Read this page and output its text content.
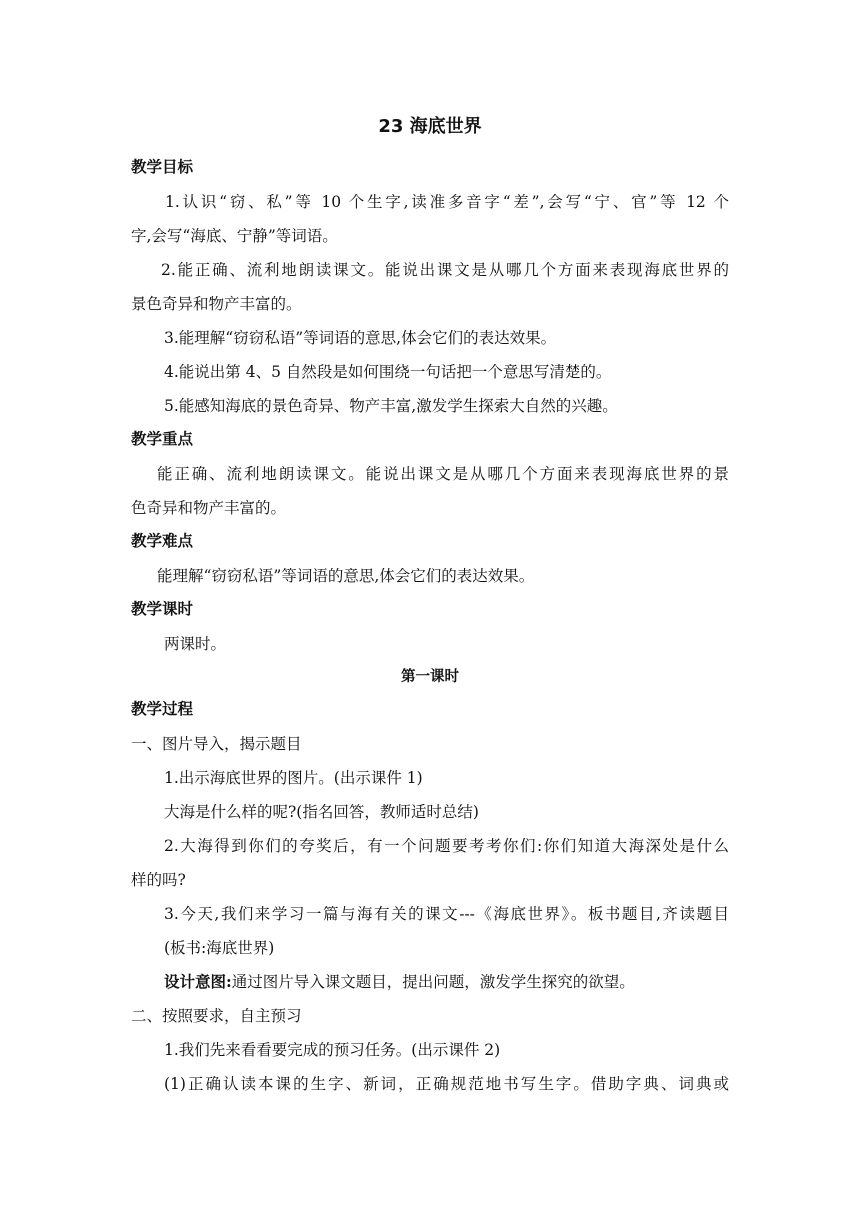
23 海底世界
教学目标
1.认识“窃、私”等 10 个生字,读准多音字“差”,会写“宁、官”等 12 个
字,会写“海底、宁静”等词语。
2.能正确、流利地朗读课文。能说出课文是从哪几个方面来表现海底世界的
景色奇异和物产丰富的。
3.能理解“窃窃私语”等词语的意思,体会它们的表达效果。
4.能说出第 4、5 自然段是如何围绕一句话把一个意思写清楚的。
5.能感知海底的景色奇异、物产丰富,激发学生探索大自然的兴趣。
教学重点
能正确、流利地朗读课文。能说出课文是从哪几个方面来表现海底世界的景
色奇异和物产丰富的。
教学难点
能理解“窃窃私语”等词语的意思,体会它们的表达效果。
教学课时
两课时。
第一课时
教学过程
一、图片导入，揭示题目
1.出示海底世界的图片。(出示课件 1)
大海是什么样的呢?(指名回答，教师适时总结)
2.大海得到你们的夸奖后，有一个问题要考考你们:你们知道大海深处是什么
样的吗?
3.今天,我们来学习一篇与海有关的课文---《海底世界》。板书题目,齐读题目
(板书:海底世界)
设计意图:通过图片导入课文题目，提出问题，激发学生探究的欲望。
二、按照要求，自主预习
1.我们先来看看要完成的预习任务。(出示课件 2)
(1)正确认读本课的生字、新词，正确规范地书写生字。借助字典、词典或
